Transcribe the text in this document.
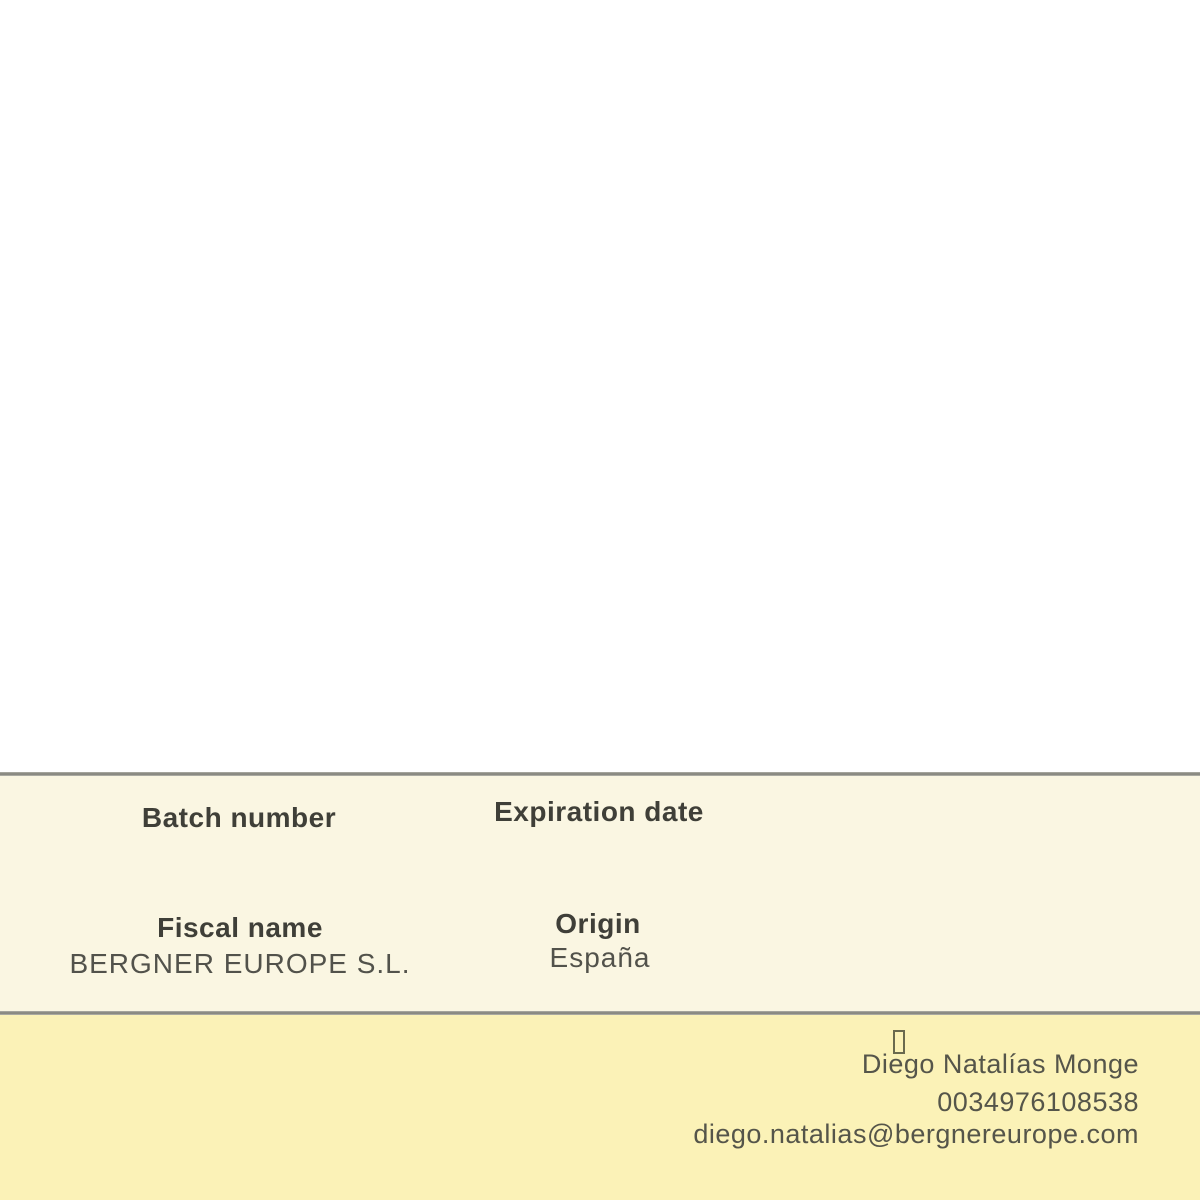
Batch number	Expiration date
Fiscal name
BERGNER EUROPE S.L.
Origin
España
Diego Natalías Monge
0034976108538
diego.natalias@bergnereurope.com
